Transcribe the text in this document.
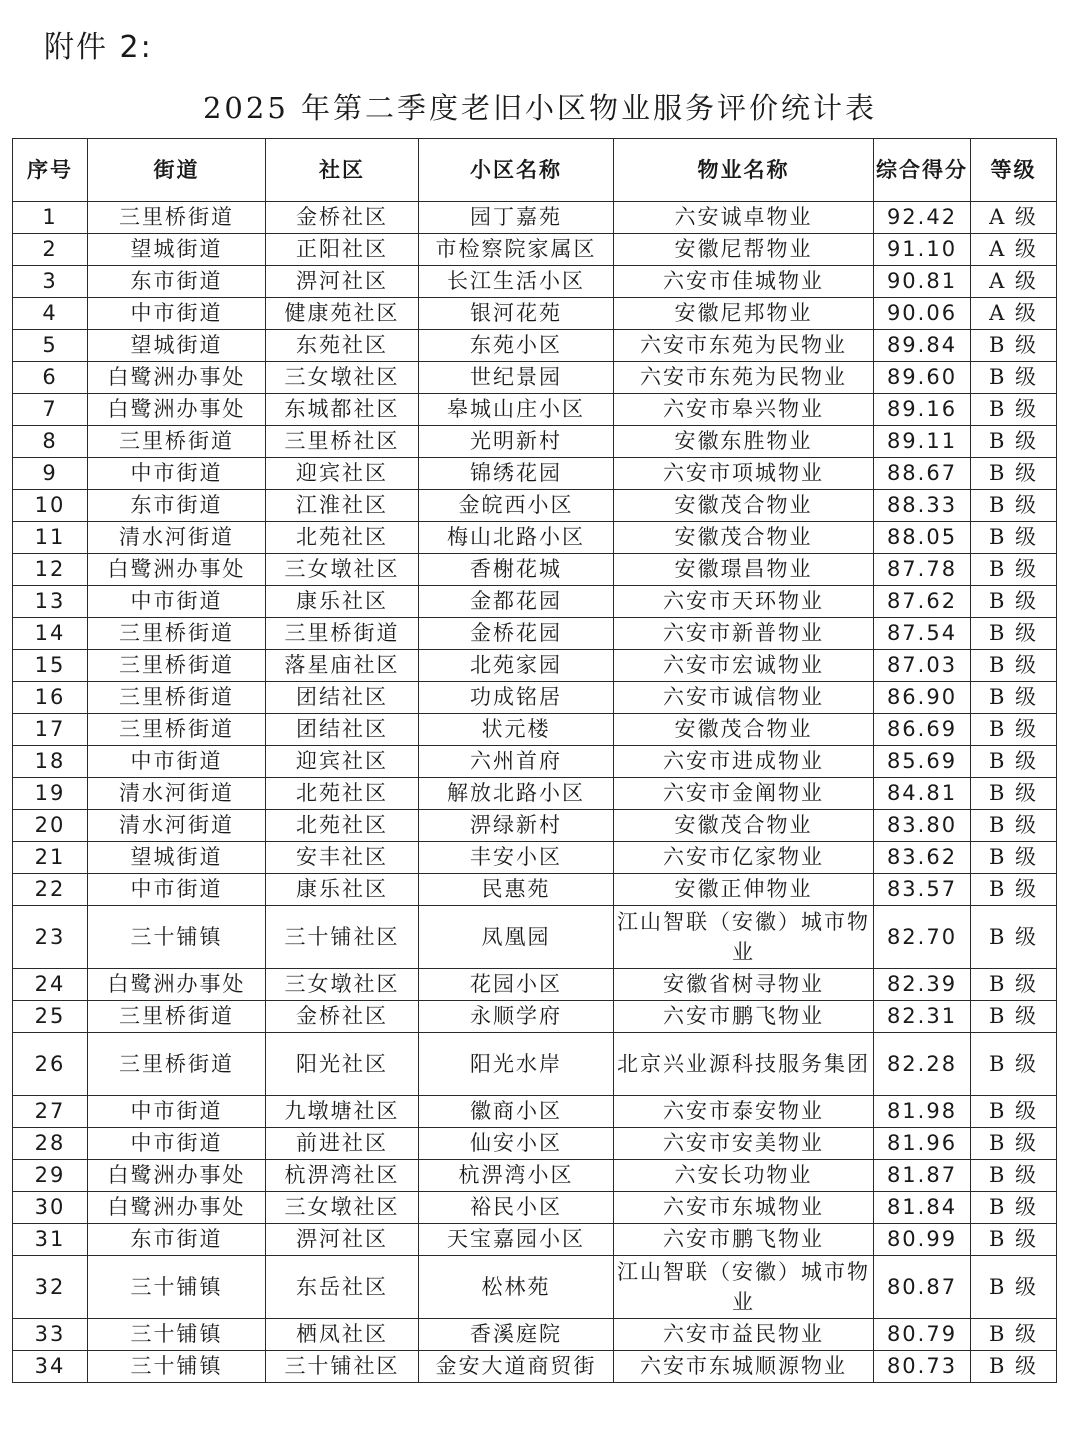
附件 2:
2025 年第二季度老旧小区物业服务评价统计表
序号	街道	社区	小区名称	物业名称	综合得分	等级
1	三里桥街道	金桥社区	园丁嘉苑	六安诚卓物业	92.42	A 级
2	望城街道	正阳社区	市检察院家属区	安徽尼帮物业	91.10	A 级
3	东市街道	淠河社区	长江生活小区	六安市佳城物业	90.81	A 级
4	中市街道	健康苑社区	银河花苑	安徽尼邦物业	90.06	A 级
5	望城街道	东苑社区	东苑小区	六安市东苑为民物业	89.84	B 级
6	白鹭洲办事处	三女墩社区	世纪景园	六安市东苑为民物业	89.60	B 级
7	白鹭洲办事处	东城都社区	皋城山庄小区	六安市皋兴物业	89.16	B 级
8	三里桥街道	三里桥社区	光明新村	安徽东胜物业	89.11	B 级
9	中市街道	迎宾社区	锦绣花园	六安市项城物业	88.67	B 级
10	东市街道	江淮社区	金皖西小区	安徽茂合物业	88.33	B 级
11	清水河街道	北苑社区	梅山北路小区	安徽茂合物业	88.05	B 级
12	白鹭洲办事处	三女墩社区	香榭花城	安徽璟昌物业	87.78	B 级
13	中市街道	康乐社区	金都花园	六安市天环物业	87.62	B 级
14	三里桥街道	三里桥街道	金桥花园	六安市新普物业	87.54	B 级
15	三里桥街道	落星庙社区	北苑家园	六安市宏诚物业	87.03	B 级
16	三里桥街道	团结社区	功成铭居	六安市诚信物业	86.90	B 级
17	三里桥街道	团结社区	状元楼	安徽茂合物业	86.69	B 级
18	中市街道	迎宾社区	六州首府	六安市进成物业	85.69	B 级
19	清水河街道	北苑社区	解放北路小区	六安市金阐物业	84.81	B 级
20	清水河街道	北苑社区	淠绿新村	安徽茂合物业	83.80	B 级
21	望城街道	安丰社区	丰安小区	六安市亿家物业	83.62	B 级
22	中市街道	康乐社区	民惠苑	安徽正伸物业	83.57	B 级
23	三十铺镇	三十铺社区	凤凰园	江山智联（安徽）城市物业	82.70	B 级
24	白鹭洲办事处	三女墩社区	花园小区	安徽省树寻物业	82.39	B 级
25	三里桥街道	金桥社区	永顺学府	六安市鹏飞物业	82.31	B 级
26	三里桥街道	阳光社区	阳光水岸	北京兴业源科技服务集团	82.28	B 级
27	中市街道	九墩塘社区	徽商小区	六安市泰安物业	81.98	B 级
28	中市街道	前进社区	仙安小区	六安市安美物业	81.96	B 级
29	白鹭洲办事处	杭淠湾社区	杭淠湾小区	六安长功物业	81.87	B 级
30	白鹭洲办事处	三女墩社区	裕民小区	六安市东城物业	81.84	B 级
31	东市街道	淠河社区	天宝嘉园小区	六安市鹏飞物业	80.99	B 级
32	三十铺镇	东岳社区	松林苑	江山智联（安徽）城市物业	80.87	B 级
33	三十铺镇	栖凤社区	香溪庭院	六安市益民物业	80.79	B 级
34	三十铺镇	三十铺社区	金安大道商贸街	六安市东城顺源物业	80.73	B 级
